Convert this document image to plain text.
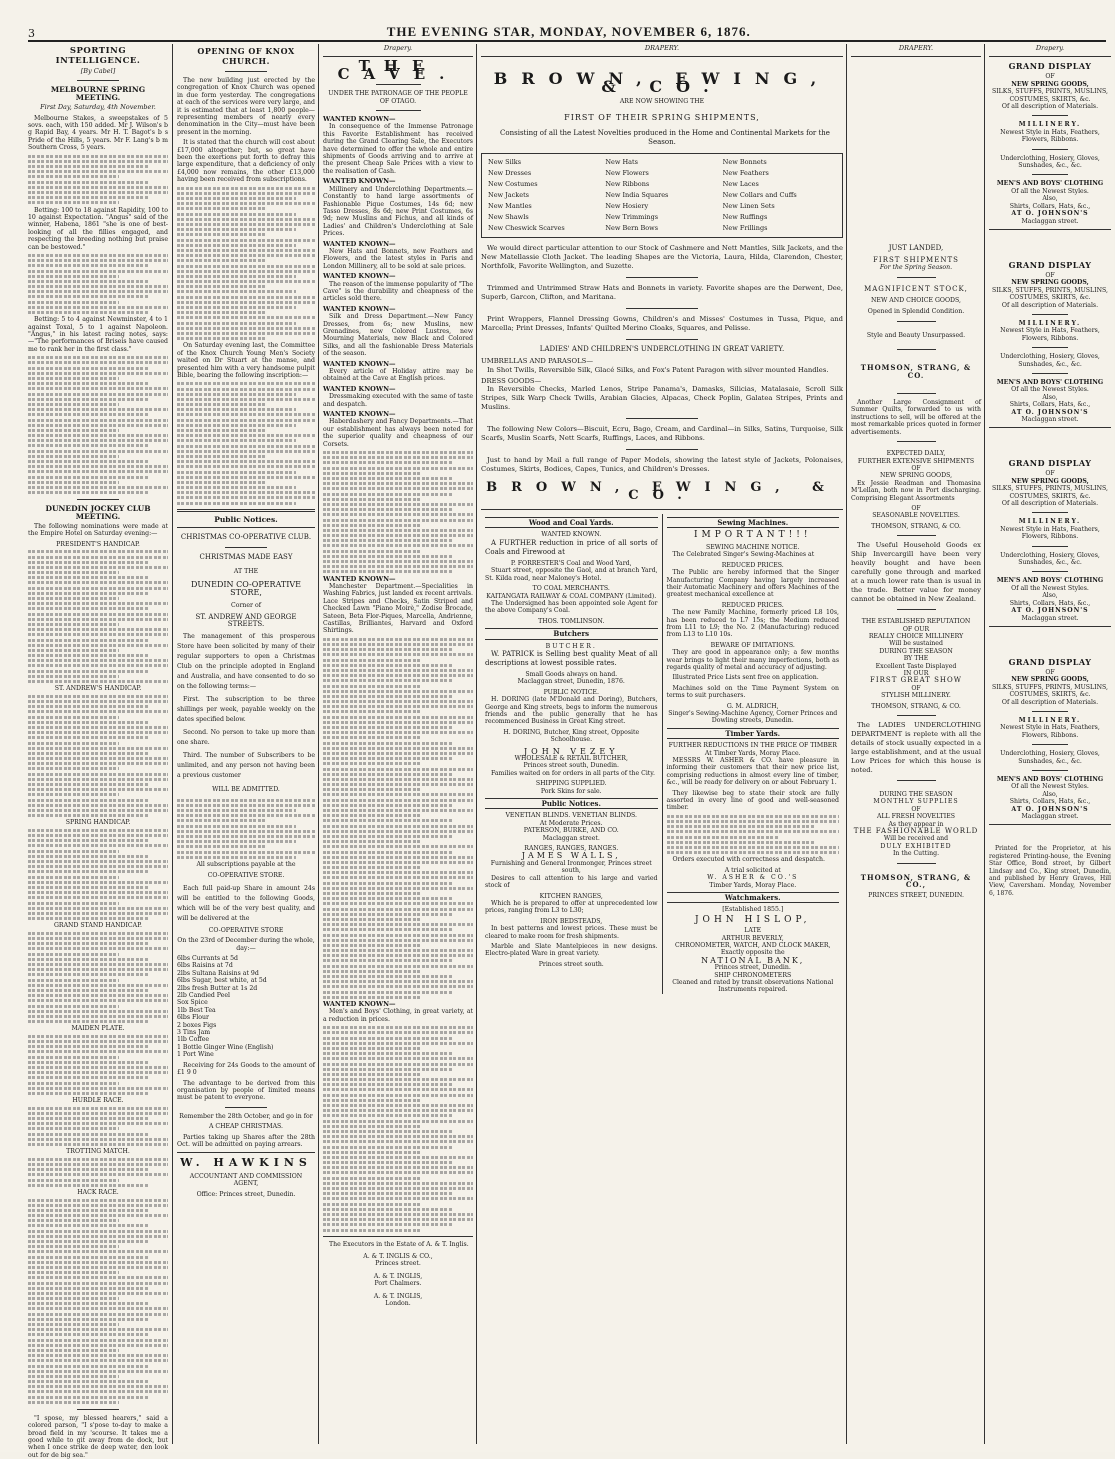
3	THE EVENING STAR, MONDAY, NOVEMBER 6, 1876.

SPORTING INTELLIGENCE.
[By Cabel]
MELBOURNE SPRING MEETING.
First Day, Saturday, 4th November.

Melbourne Stakes, a sweepstakes of 5 sovs. each, with 150 added. Mr J. Wilson's b g Rapid Bay, 4 years. Mr H. T. Bagot's b s Pride of the Hills, 5 years. Mr F. Lang's b m Southern Cross, 5 years.

Betting: 100 to 18 against Rapidity, 100 to 10 against Expectation. "Angus" said of the winner, Habena, 1861 "she is one of best-looking of all the fillies engaged, and respecting the breeding nothing but praise can be bestowed."

Betting: 5 to 4 against Newminster, 4 to 1 against Toxal, 5 to 1 against Napoleon. "Angus," in his latest racing notes, says:—"The performances of Briseis have caused me to rank her in the first class."

DUNEDIN JOCKEY CLUB MEETING.

The following nominations were made at the Empire Hotel on Saturday evening:—

PRESIDENT'S HANDICAP.
ST. ANDREW'S HANDICAP.
SPRING HANDICAP.
GRAND STAND HANDICAP.
MAIDEN PLATE.
HURDLE RACE.
TROTTING MATCH.
HACK RACE.

"I spose, my blessed hearers," said a colored parson, "I s'pose to-day to make a broad field in my 'scourse. It takes me a good while to git away from de dock, but when I once strike de deep water, den look out for de big sea."

OPENING OF KNOX CHURCH.

The new building just erected by the congregation of Knox Church was opened in due form yesterday. The congregations at each of the services were very large, and it is estimated that at least 1,800 people—representing members of nearly every denomination in the City—must have been present in the morning.

It is stated that the church will cost about £17,000 altogether; but, so great have been the exertions put forth to defray this large expenditure, that a deficiency of only £4,000 now remains, the other £13,000 having been received from subscriptions.

On Saturday evening last, the Committee of the Knox Church Young Men's Society waited on Dr Stuart at the manse, and presented him with a very handsome pulpit Bible, bearing the following inscription:—

Public Notices.
CHRISTMAS CO-OPERATIVE CLUB.
CHRISTMAS MADE EASY
AT THE
DUNEDIN CO-OPERATIVE STORE,
Corner of
ST. ANDREW AND GEORGE STREETS.

The management of this prosperous Store have been solicited by many of their regular supporters to open a Christmas Club on the principle adopted in England and Australia, and have consented to do so on the following terms:—

First. The subscription to be three shillings per week, payable weekly on the dates specified below.

Second. No person to take up more than one share.

Third. The number of Subscribers to be unlimited, and any person not having been a previous customer

WILL BE ADMITTED.
All subscriptions payable at the
CO-OPERATIVE STORE.

Each full paid-up Share in amount 24s will be entitled to the following Goods, which will be of the very best quality, and will be delivered at the

CO-OPERATIVE STORE
On the 23rd of December during the whole, day:—
6lbs Currants at 5d
6lbs Raisins at 7d
2lbs Sultana Raisins at 9d
6lbs Sugar, best white, at 5d
2lbs fresh Butter at 1s 2d
2lb Candied Peel
Sox Spice
1lb Best Tea
6lbs Flour
2 boxes Figs
3 Tins Jam
1lb Coffee
1 Bottle Ginger Wine (English)
1 Port Wine

Receiving for 24s Goods to the amount of £1 9 0

The advantage to be derived from this organisation by people of limited means must be patent to everyone.

Remember the 28th October, and go in for
A CHEAP CHRISTMAS.

Parties taking up Shares after the 28th Oct. will be admitted on paying arrears.

W. HAWKINS
ACCOUNTANT AND COMMISSION AGENT,
Office: Princes street, Dunedin.
Drapery.
THE CAVE.
UNDER THE PATRONAGE OF THE PEOPLE OF OTAGO.
WANTED KNOWN—

In consequence of the Immense Patronage this Favorite Establishment has received during the Grand Clearing Sale, the Executors have determined to offer the whole and entire shipments of Goods arriving and to arrive at the present Cheap Sale Prices with a view to the realisation of Cash.

WANTED KNOWN—

Millinery and Underclothing Departments.—Constantly to hand large assortments of Fashionable Pique Costumes, 14s 6d; new Tasso Dresses, 8s 6d; new Print Costumes, 6s 9d; new Muslins and Fichus, and all kinds of Ladies' and Children's Underclothing at Sale Prices.

WANTED KNOWN—

New Hats and Bonnets, new Feathers and Flowers, and the latest styles in Paris and London Millinery, all to be sold at sale prices.

WANTED KNOWN—

The reason of the immense popularity of "The Cave" is the durability and cheapness of the articles sold there.

WANTED KNOWN—

Silk and Dress Department.—New Fancy Dresses, from 6s; new Muslins, new Grenadines, new Colored Lustres, new Mourning Materials, new Black and Colored Silks, and all the fashionable Dress Materials of the season.

WANTED KNOWN—

Every article of Holiday attire may be obtained at the Cave at English prices.

WANTED KNOWN—

Dressmaking executed with the same of taste and despatch.

WANTED KNOWN—

Haberdashery and Fancy Departments.—That our establishment has always been noted for the superior quality and cheapness of our Corsets.

WANTED KNOWN—

Manchester Department.—Specialities in Washing Fabrics, just landed ex recent arrivals. Lace Stripes and Checks, Satin Striped and Checked Lawn "Piano Moirè," Zodise Brocade, Sateen, Beta Flor-Piques, Marcella, Andrienne, Castillas, Brilliantes, Harvard and Oxford Shirtings.

WANTED KNOWN—

Men's and Boys' Clothing, in great variety, at a reduction in prices.

The Executors in the Estate of A. & T. Inglis.

A. & T. INGLIS & CO.,
Princes street.
A. & T. INGLIS,
Port Chalmers.
A. & T. INGLIS,
London.
DRAPERY.
BROWN, EWING, & CO.
ARE NOW SHOWING THE
FIRST OF THEIR SPRING SHIPMENTS,

Consisting of all the Latest Novelties produced in the Home and Continental Markets for the Season.

New Silks	New Hats	New Bonnets
New Dresses	New Flowers	New Feathers
New Costumes	New Ribbons	New Laces
New Jackets	New India Squares	New Collars and Cuffs
New Mantles	New Hosiery	New Linen Sets
New Shawls	New Trimmings	New Ruffings
New Cheswick Scarves	New Bern Bows	New Frillings

We would direct particular attention to our Stock of Cashmere and Nett Mantles, Silk Jackets, and the New Matellassie Cloth Jacket. The leading Shapes are the Victoria, Laura, Hilda, Clarendon, Chester, Northfolk, Favorite Wellington, and Suzette.

Trimmed and Untrimmed Straw Hats and Bonnets in variety. Favorite shapes are the Derwent, Dee, Superb, Garcon, Clifton, and Maritana.

Print Wrappers, Flannel Dressing Gowns, Children's and Misses' Costumes in Tussa, Pique, and Marcella; Print Dresses, Infants' Quilted Merino Cloaks, Squares, and Pelisse.

LADIES' AND CHILDREN'S UNDERCLOTHING IN GREAT VARIETY.
UMBRELLAS AND PARASOLS—

In Shot Twills, Reversible Silk, Glacé Silks, and Fox's Patent Paragon with silver mounted Handles.

DRESS GOODS—

In Reversible Checks, Marled Lenos, Stripe Panama's, Damasks, Silicias, Matalasaie, Scroll Silk Stripes, Silk Warp Check Twills, Arabian Glacies, Alpacas, Check Poplin, Galatea Stripes, Prints and Muslins.

The following New Colors—Biscuit, Ecru, Bago, Cream, and Cardinal—in Silks, Satins, Turquoise, Silk Scarfs, Muslin Scarfs, Nett Scarfs, Ruffings, Laces, and Ribbons.

Just to hand by Mail a full range of Paper Models, showing the latest style of Jackets, Polonaises, Costumes, Skirts, Bodices, Capes, Tunics, and Children's Dresses.

BROWN, EWING, & CO.
Wood and Coal Yards.
WANTED KNOWN.

A FURTHER reduction in price of all sorts of Coals and Firewood at

P. FORRESTER'S Coal and Wood Yard,

Stuart street, opposite the Gaol, and at branch Yard, St. Kilda road, near Maloney's Hotel.

TO COAL MERCHANTS.
KAITANGATA RAILWAY & COAL COMPANY (Limited).

The Undersigned has been appointed sole Agent for the above Company's Coal.

THOS. TOMLINSON.
Butchers
BUTCHER.

W. PATRICK is Selling best quality Meat of all descriptions at lowest possible rates.

Small Goods always on hand.
Maclaggan street, Dunedin, 1876.
PUBLIC NOTICE.

H. DORING (late M'Donald and Doring), Butchers, George and King streets, begs to inform the numerous friends and the public generally that he has recommenced Business in Great King street.

H. DORING, Butcher, King street, Opposite Schoolhouse.
JOHN VEZEY
WHOLESALE & RETAIL BUTCHER,
Princes street south, Dunedin.

Families waited on for orders in all parts of the City.

SHIPPING SUPPLIED.
Pork Skins for sale.
Public Notices.
VENETIAN BLINDS. VENETIAN BLINDS.
At Moderate Prices.
PATERSON, BURKE, AND CO.
Maclaggan street.
RANGES, RANGES, RANGES.
JAMES WALLS,
Furnishing and General Ironmonger, Princes street south,

Desires to call attention to his large and varied stock of

KITCHEN RANGES,

Which he is prepared to offer at unprecedented low prices, ranging from L3 to L30;

IRON BEDSTEADS,

In best patterns and lowest prices. These must be cleared to make room for fresh shipments.

Marble and Slate Mantelpieces in new designs. Electro-plated Ware in great variety.

Princes street south.
Sewing Machines.
IMPORTANT!!!
SEWING MACHINE NOTICE.

The Celebrated Singer's Sewing-Machines at

REDUCED PRICES.

The Public are hereby informed that the Singer Manufacturing Company having largely increased their Automatic Machinery and offers Machines of the greatest mechanical excellence at

REDUCED PRICES.

The new Family Machine, formerly priced L8 10s, has been reduced to L7 15s; the Medium reduced from L11 to L9; the No. 2 (Manufacturing) reduced from L13 to L10 10s.

BEWARE OF IMITATIONS.

They are good in appearance only; a few months wear brings to light their many imperfections, both as regards quality of metal and accuracy of adjusting.

Illustrated Price Lists sent free on application.

Machines sold on the Time Payment System on terms to suit purchasers.

G. M. ALDRICH,
Singer's Sewing-Machine Agency, Corner Princes and Dowling streets, Dunedin.
Timber Yards.
FURTHER REDUCTIONS IN THE PRICE OF TIMBER
At Timber Yards, Moray Place.

MESSRS W. ASHER & CO. have pleasure in informing their customers that their new price list, comprising reductions in almost every line of timber, &c., will be ready for delivery on or about February 1.

They likewise beg to state their stock are fully assorted in every line of good and well-seasoned timber.

Orders executed with correctness and despatch.

A trial solicited at
W. ASHER & CO.'S
Timber Yards, Moray Place.
Watchmakers.
[Established 1855.]
JOHN HISLOP,
LATE
ARTHUR BEVERLY,
CHRONOMETER, WATCH, AND CLOCK MAKER,
Exactly opposite the
NATIONAL BANK,
Princes street, Dunedin.
SHIP CHRONOMETERS
Cleaned and rated by transit observations National Instruments repaired.
DRAPERY.
JUST LANDED,
FIRST SHIPMENTS
For the Spring Season.
MAGNIFICENT STOCK,
NEW AND CHOICE GOODS,
Opened in Splendid Condition.
Style and Beauty Unsurpassed.
THOMSON, STRANG, & CO.

Another Large Consignment of Summer Quilts, forwarded to us with instructions to sell, will be offered at the most remarkable prices quoted in former advertisements.

EXPECTED DAILY,
FURTHER EXTENSIVE SHIPMENTS
OF
NEW SPRING GOODS,

Ex Jessie Readman and Thomasina M'Lellan, both now in Port discharging. Comprising Elegant Assortments

OF
SEASONABLE NOVELTIES.
THOMSON, STRANG, & CO.

The Useful Household Goods ex Ship Invercargill have been very heavily bought and have been carefully gone through and marked at a much lower rate than is usual in the trade. Better value for money cannot be obtained in New Zealand.

THE ESTABLISHED REPUTATION
OF OUR
REALLY CHOICE MILLINERY
Will be sustained
DURING THE SEASON
BY THE
Excellent Taste Displayed
IN OUR
FIRST GREAT SHOW
OF
STYLISH MILLINERY.
THOMSON, STRANG, & CO.

The LADIES UNDERCLOTHING DEPARTMENT is replete with all the details of stock usually expected in a large establishment, and at the usual Low Prices for which this house is noted.

DURING THE SEASON
MONTHLY SUPPLIES
OF
ALL FRESH NOVELTIES
As they appear in
THE FASHIONABLE WORLD
Will be received and
DULY EXHIBITED
In the Cutting.
THOMSON, STRANG, & CO.,
PRINCES STREET, DUNEDIN.
Drapery.
GRAND DISPLAY
OF
NEW SPRING GOODS,
SILKS, STUFFS, PRINTS, MUSLINS, COSTUMES, SKIRTS, &c.
Of all description of Materials.
MILLINERY.
Newest Style in Hats, Feathers, Flowers, Ribbons.
Underclothing, Hosiery, Gloves, Sunshades, &c., &c.
MEN'S AND BOYS' CLOTHING
Of all the Newest Styles.
Also,
Shirts, Collars, Hats, &c.,
AT O. JOHNSON'S
Maclaggan street.
GRAND DISPLAY
OF
NEW SPRING GOODS,
SILKS, STUFFS, PRINTS, MUSLINS, COSTUMES, SKIRTS, &c.
Of all description of Materials.
MILLINERY.
Newest Style in Hats, Feathers, Flowers, Ribbons.
Underclothing, Hosiery, Gloves, Sunshades, &c., &c.
MEN'S AND BOYS' CLOTHING
Of all the Newest Styles.
Also,
Shirts, Collars, Hats, &c.,
AT O. JOHNSON'S
Maclaggan street.
GRAND DISPLAY
OF
NEW SPRING GOODS,
SILKS, STUFFS, PRINTS, MUSLINS, COSTUMES, SKIRTS, &c.
Of all description of Materials.
MILLINERY.
Newest Style in Hats, Feathers, Flowers, Ribbons.
Underclothing, Hosiery, Gloves, Sunshades, &c., &c.
MEN'S AND BOYS' CLOTHING
Of all the Newest Styles.
Also,
Shirts, Collars, Hats, &c.,
AT O. JOHNSON'S
Maclaggan street.
GRAND DISPLAY
OF
NEW SPRING GOODS,
SILKS, STUFFS, PRINTS, MUSLINS, COSTUMES, SKIRTS, &c.
Of all description of Materials.
MILLINERY.
Newest Style in Hats, Feathers, Flowers, Ribbons.
Underclothing, Hosiery, Gloves, Sunshades, &c., &c.
MEN'S AND BOYS' CLOTHING
Of all the Newest Styles.
Also,
Shirts, Collars, Hats, &c.,
AT O. JOHNSON'S
Maclaggan street.

Printed for the Proprietor, at his registered Printing-house, the Evening Star Office, Bond street, by Gilbert Lindsay and Co., King street, Dunedin, and published by Henry Graves, Hill View, Caversham. Monday, November 6, 1876.
